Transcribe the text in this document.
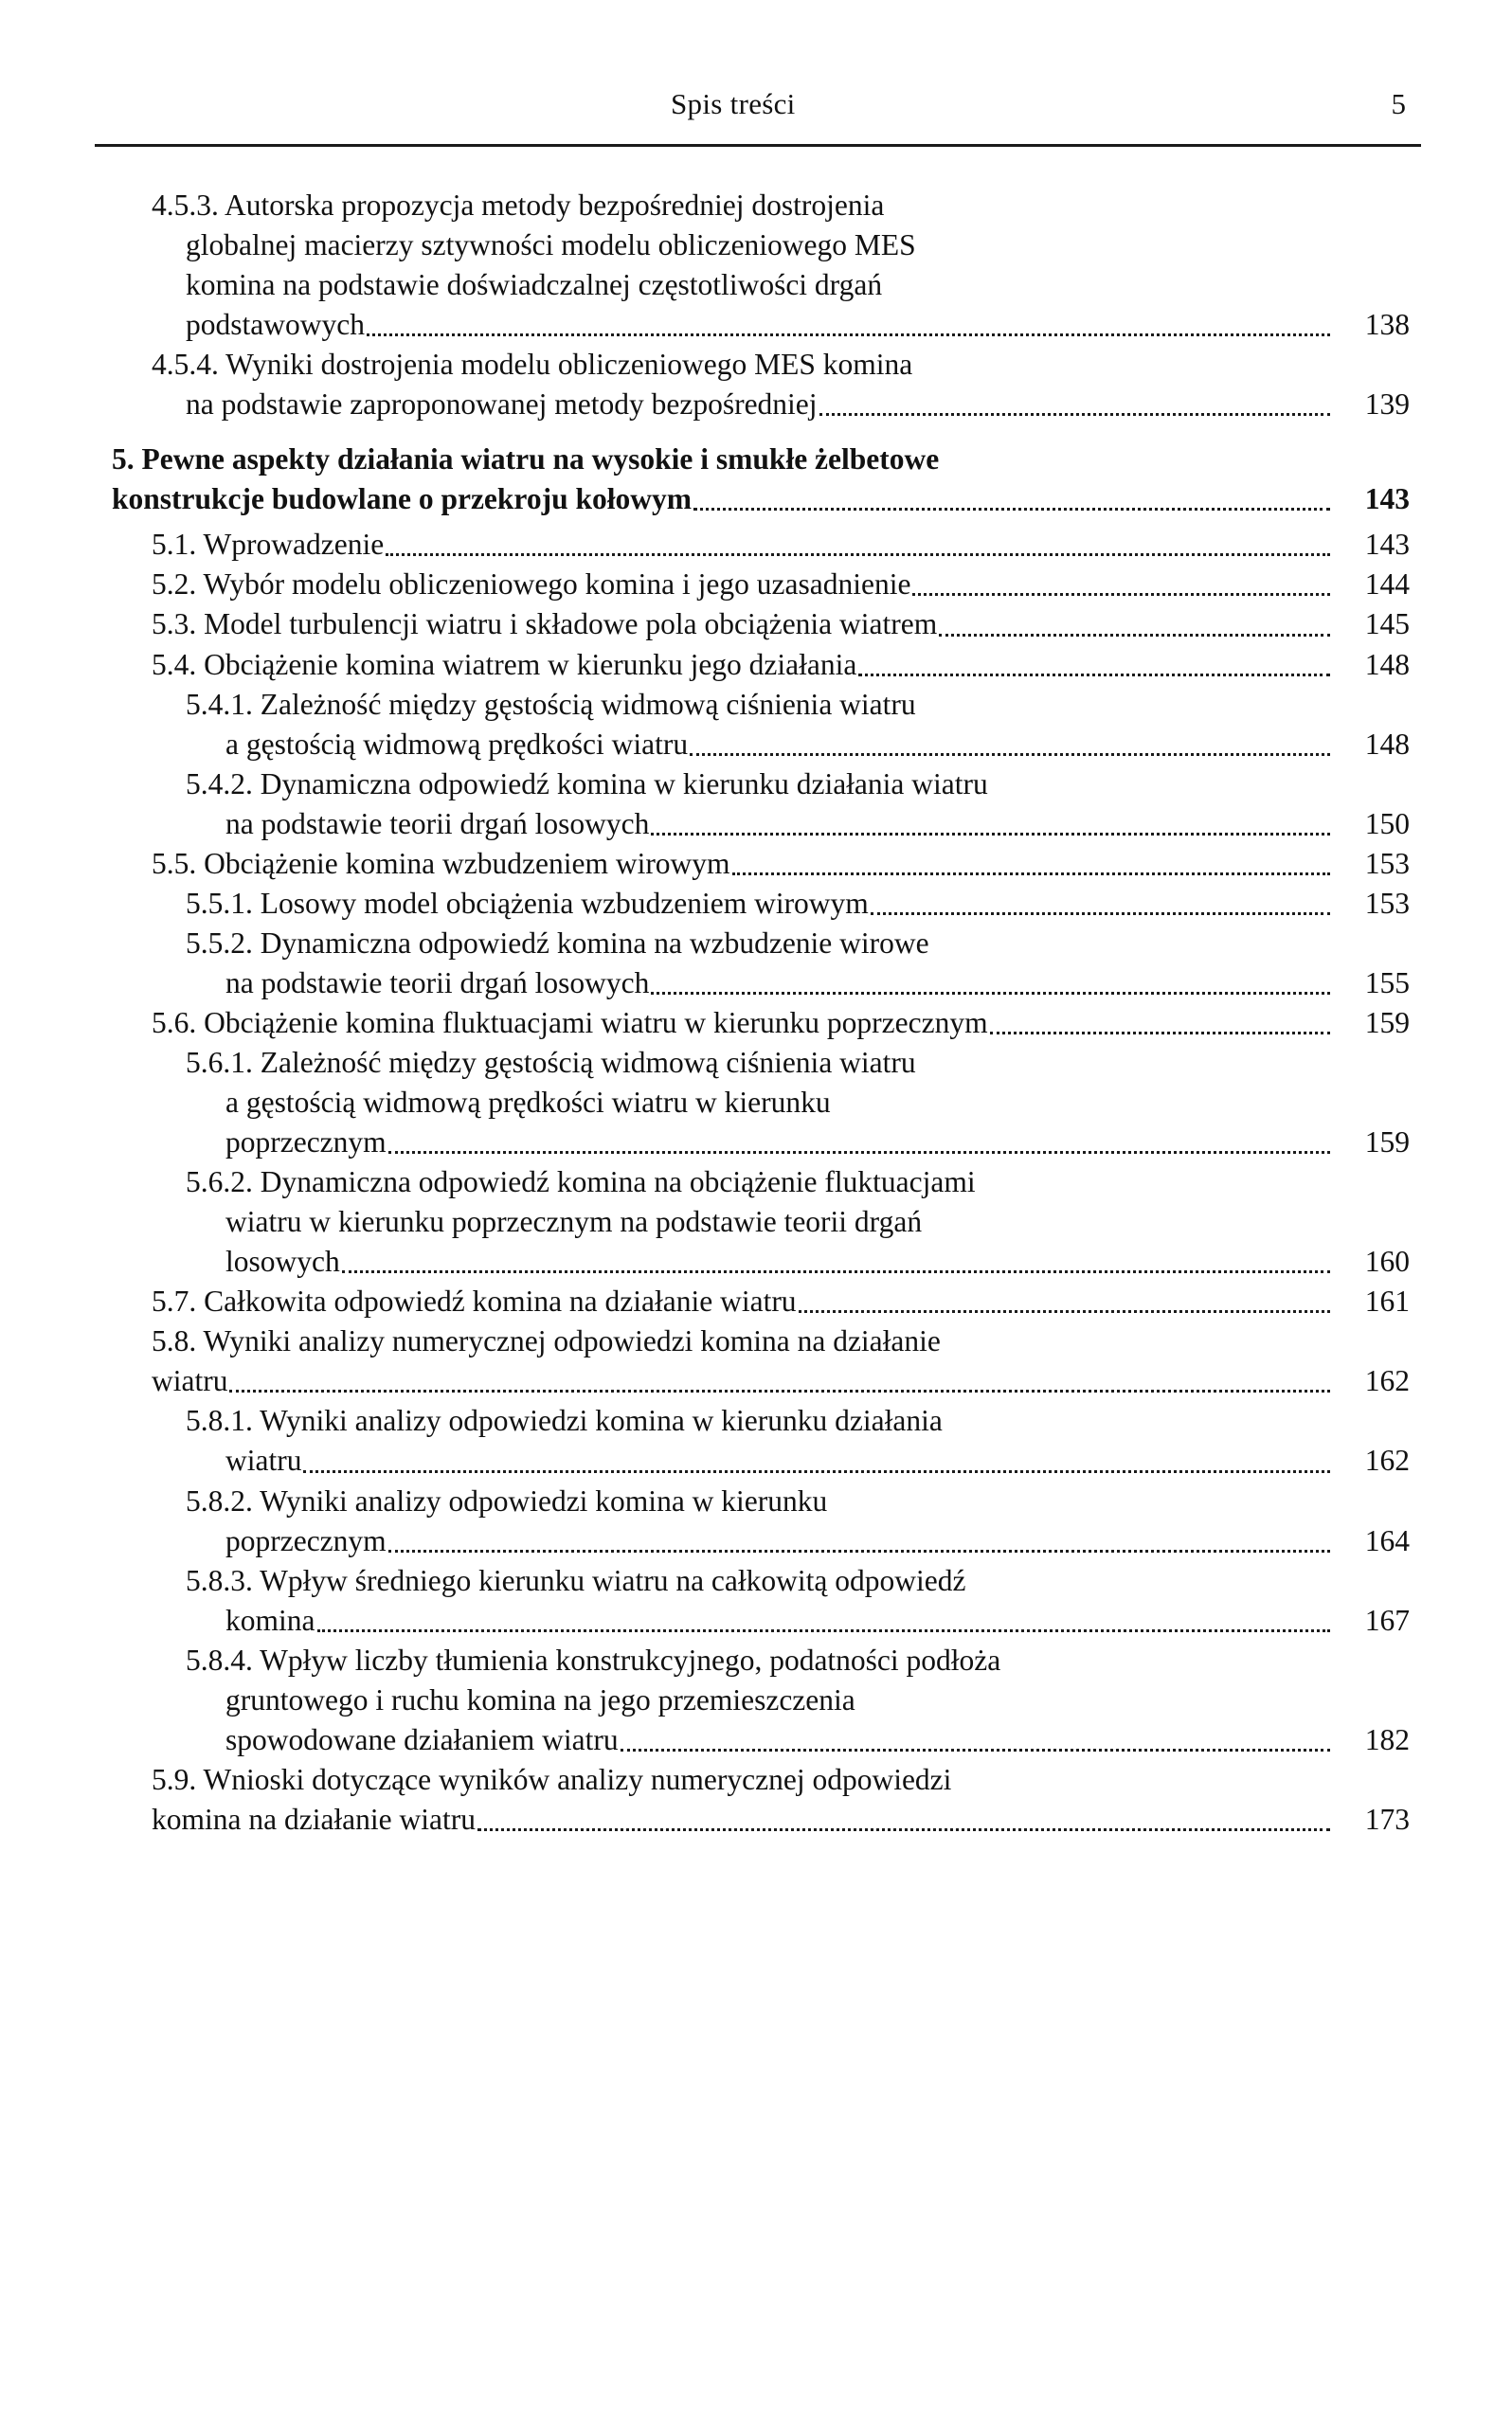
Spis treści	5
4.5.3. Autorska propozycja metody bezpośredniej dostrojenia
globalnej macierzy sztywności modelu obliczeniowego MES
komina na podstawie doświadczalnej częstotliwości drgań
podstawowych	138
4.5.4. Wyniki dostrojenia modelu obliczeniowego MES komina
na podstawie zaproponowanej metody bezpośredniej	139
5. Pewne aspekty działania wiatru na wysokie i smukłe żelbetowe
konstrukcje budowlane o przekroju kołowym	143
5.1. Wprowadzenie	143
5.2. Wybór modelu obliczeniowego komina i jego uzasadnienie	144
5.3. Model turbulencji wiatru i składowe pola obciążenia wiatrem	145
5.4. Obciążenie komina wiatrem w kierunku jego działania	148
5.4.1. Zależność między gęstością widmową ciśnienia wiatru
a gęstością widmową prędkości wiatru	148
5.4.2. Dynamiczna odpowiedź komina w kierunku działania wiatru
na podstawie teorii drgań losowych	150
5.5. Obciążenie komina wzbudzeniem wirowym	153
5.5.1. Losowy model obciążenia wzbudzeniem wirowym	153
5.5.2. Dynamiczna odpowiedź komina na wzbudzenie wirowe
na podstawie teorii drgań losowych	155
5.6. Obciążenie komina fluktuacjami wiatru w kierunku poprzecznym	159
5.6.1. Zależność między gęstością widmową ciśnienia wiatru
a gęstością widmową prędkości wiatru w kierunku
poprzecznym	159
5.6.2. Dynamiczna odpowiedź komina na obciążenie fluktuacjami
wiatru w kierunku poprzecznym na podstawie teorii drgań
losowych	160
5.7. Całkowita odpowiedź komina na działanie wiatru	161
5.8. Wyniki analizy numerycznej odpowiedzi komina na działanie
wiatru	162
5.8.1. Wyniki analizy odpowiedzi komina w kierunku działania
wiatru	162
5.8.2. Wyniki analizy odpowiedzi komina w kierunku
poprzecznym	164
5.8.3. Wpływ średniego kierunku wiatru na całkowitą odpowiedź
komina	167
5.8.4. Wpływ liczby tłumienia konstrukcyjnego, podatności podłoża
gruntowego i ruchu komina na jego przemieszczenia
spowodowane działaniem wiatru	182
5.9. Wnioski dotyczące wyników analizy numerycznej odpowiedzi
komina na działanie wiatru	173
